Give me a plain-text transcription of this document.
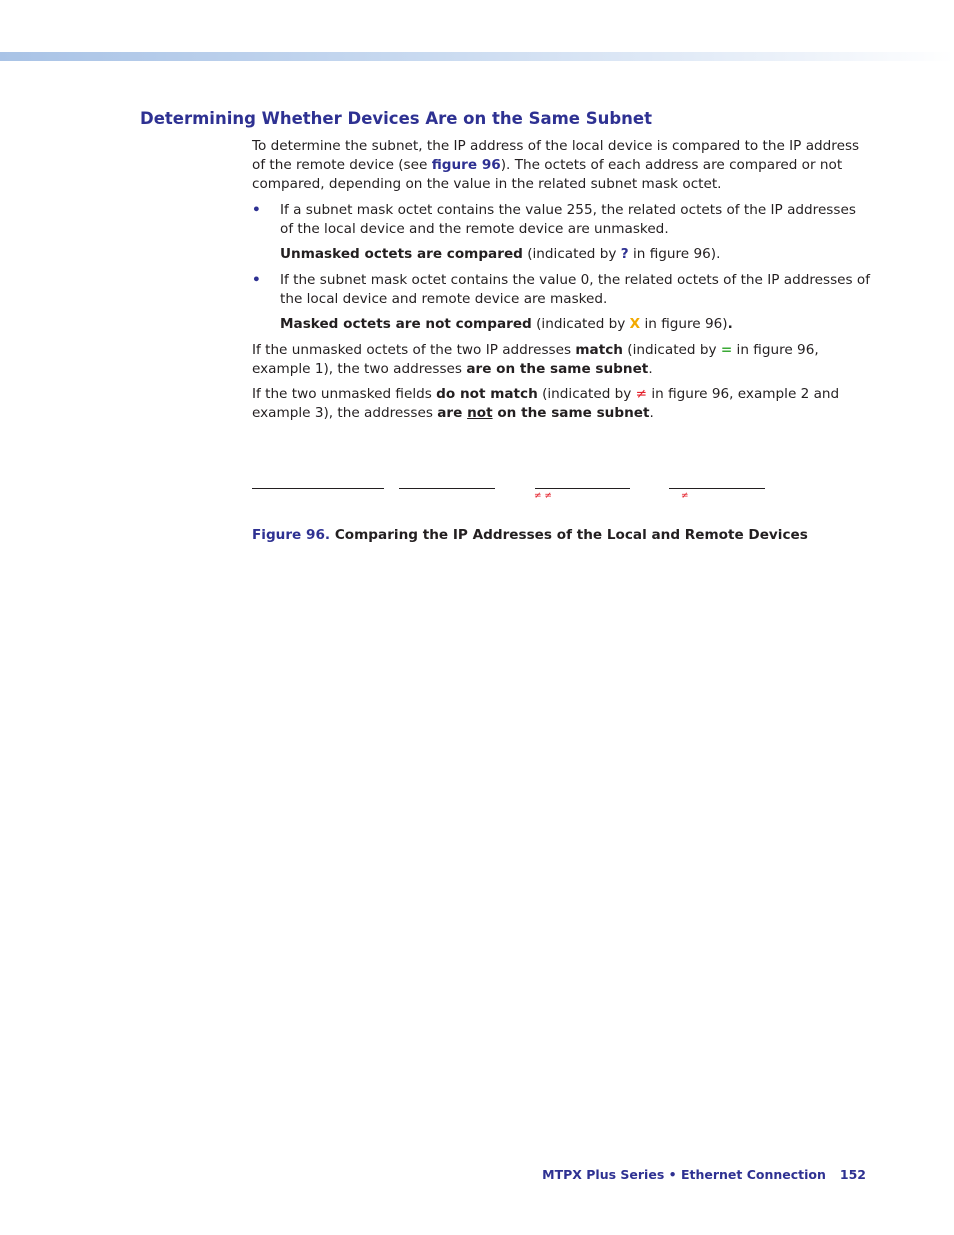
Determining Whether Devices Are on the Same Subnet
To determine the subnet, the IP address of the local device is compared to the IP address of the remote device (see figure 96). The octets of each address are compared or not compared, depending on the value in the related subnet mask octet.
• If a subnet mask octet contains the value 255, the related octets of the IP addresses of the local device and the remote device are unmasked.
Unmasked octets are compared (indicated by ? in figure 96).
• If the subnet mask octet contains the value 0, the related octets of the IP addresses of the local device and remote device are masked.
Masked octets are not compared (indicated by X in figure 96).
If the unmasked octets of the two IP addresses match (indicated by = in figure 96, example 1), the two addresses are on the same subnet.
If the two unmasked fields do not match (indicated by ≠ in figure 96, example 2 and example 3), the addresses are not on the same subnet.
≠ ≠	≠
Figure 96. Comparing the IP Addresses of the Local and Remote Devices
MTPX Plus Series • Ethernet Connection 152
